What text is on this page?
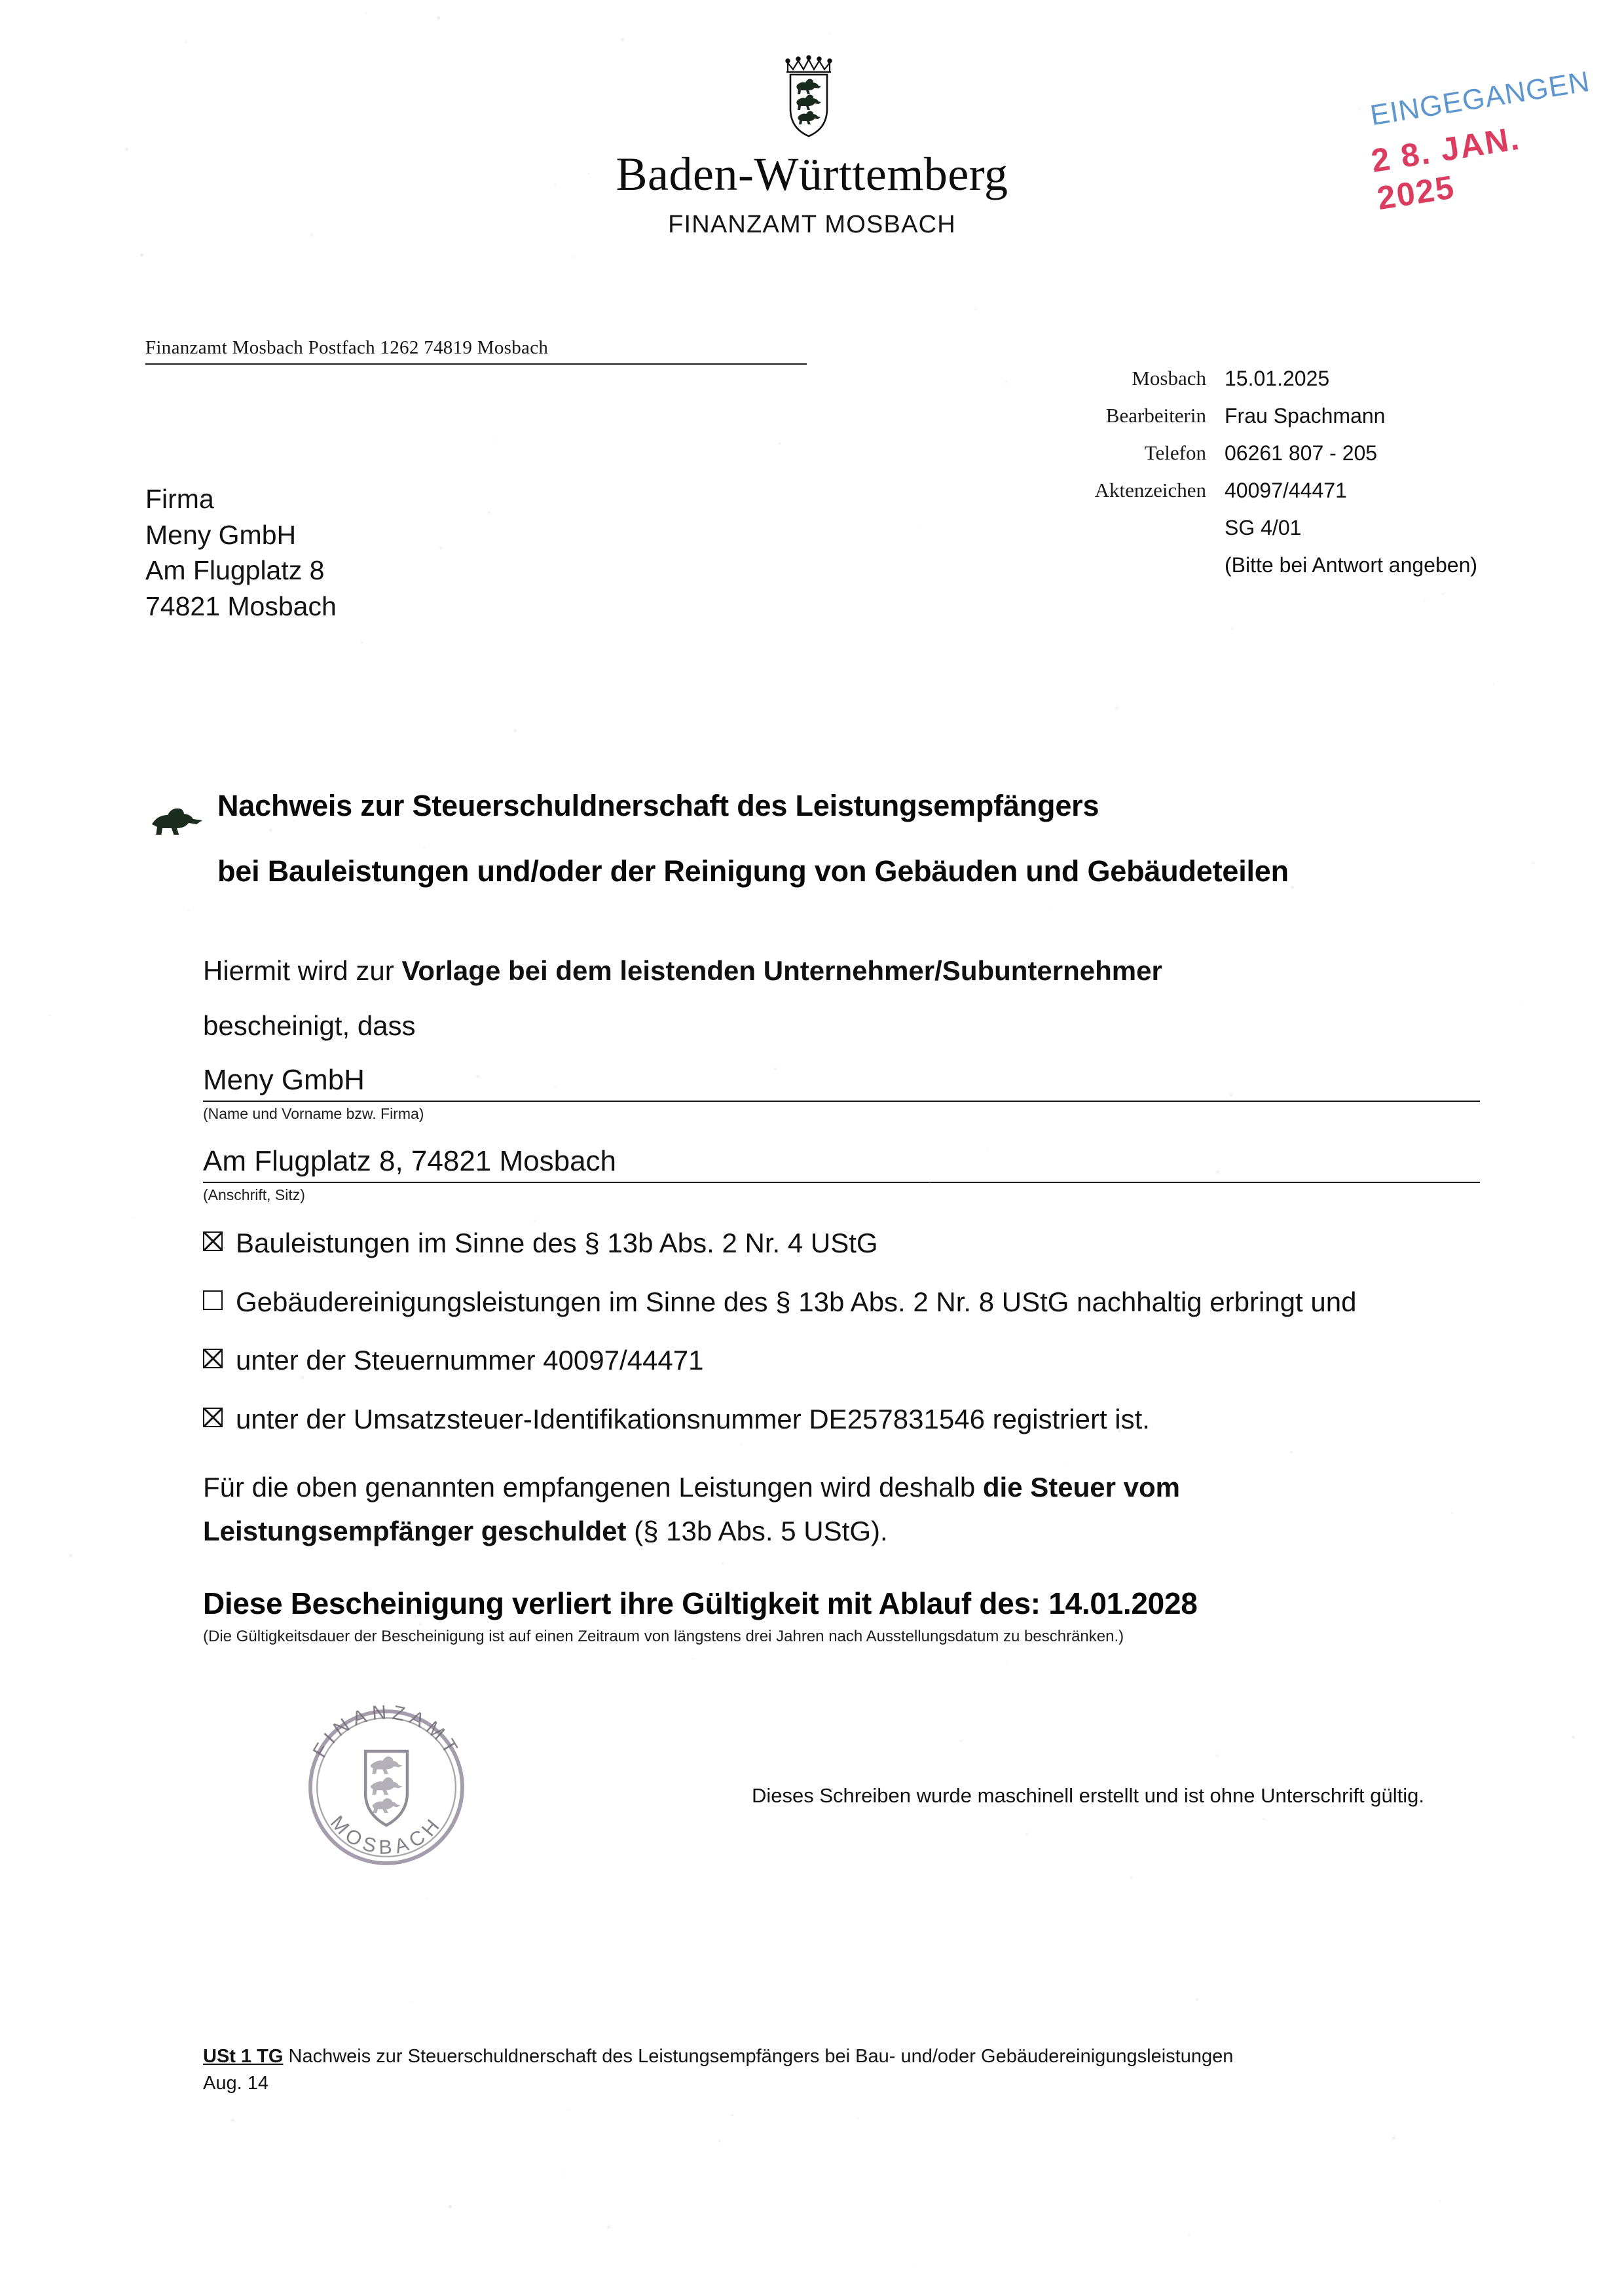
Baden-Württemberg
FINANZAMT MOSBACH
EINGEGANGEN
2 8. JAN. 2025
Finanzamt Mosbach Postfach 1262 74819 Mosbach
Firma
Meny GmbH
Am Flugplatz 8
74821 Mosbach
Mosbach 15.01.2025
Bearbeiterin Frau Spachmann
Telefon 06261 807 - 205
Aktenzeichen 40097/44471
SG 4/01
(Bitte bei Antwort angeben)
Nachweis zur Steuerschuldnerschaft des Leistungsempfängers
bei Bauleistungen und/oder der Reinigung von Gebäuden und Gebäudeteilen
Hiermit wird zur Vorlage bei dem leistenden Unternehmer/Subunternehmer
bescheinigt, dass
Meny GmbH
(Name und Vorname bzw. Firma)
Am Flugplatz 8, 74821 Mosbach
(Anschrift, Sitz)
Bauleistungen im Sinne des § 13b Abs. 2 Nr. 4 UStG
Gebäudereinigungsleistungen im Sinne des § 13b Abs. 2 Nr. 8 UStG nachhaltig erbringt und
unter der Steuernummer 40097/44471
unter der Umsatzsteuer-Identifikationsnummer DE257831546 registriert ist.
Für die oben genannten empfangenen Leistungen wird deshalb die Steuer vom
Leistungsempfänger geschuldet (§ 13b Abs. 5 UStG).
Diese Bescheinigung verliert ihre Gültigkeit mit Ablauf des: 14.01.2028
(Die Gültigkeitsdauer der Bescheinigung ist auf einen Zeitraum von längstens drei Jahren nach Ausstellungsdatum zu beschränken.)
FINANZAMT
MOSBACH
Dieses Schreiben wurde maschinell erstellt und ist ohne Unterschrift gültig.
USt 1 TG Nachweis zur Steuerschuldnerschaft des Leistungsempfängers bei Bau- und/oder Gebäudereinigungsleistungen
Aug. 14
